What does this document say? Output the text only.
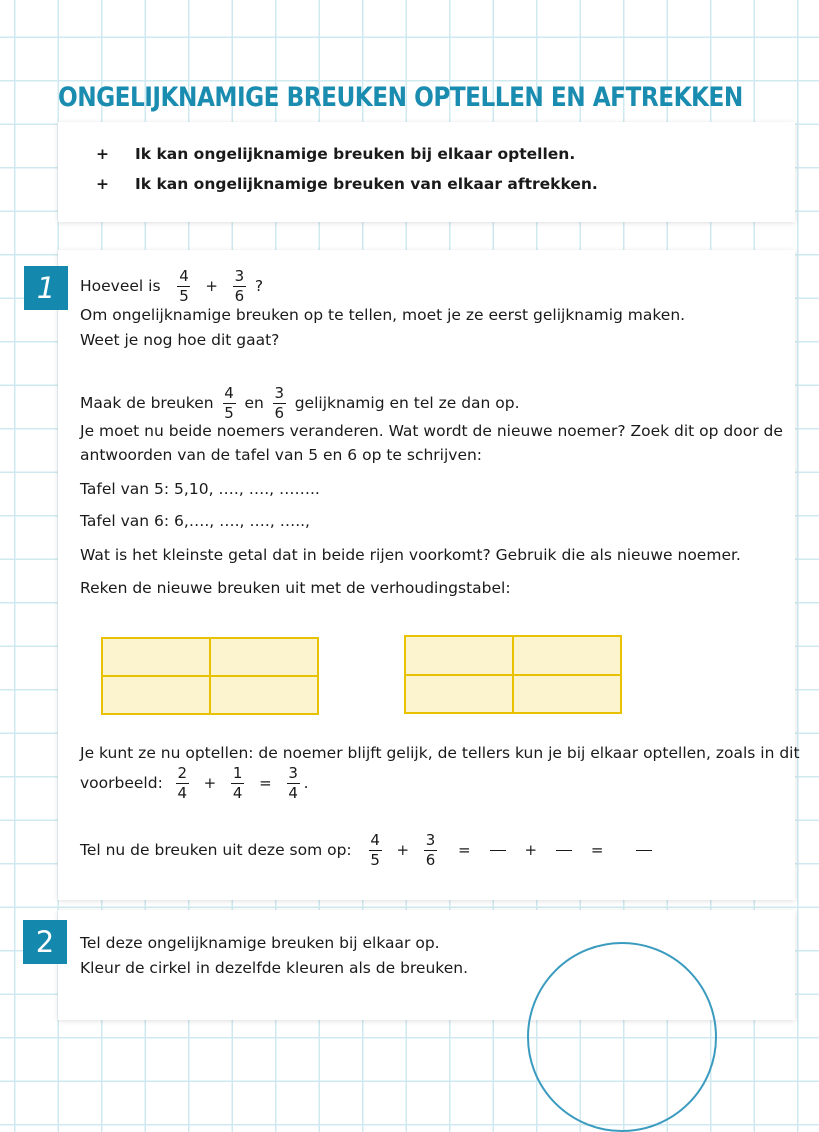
ONGELIJKNAMIGE BREUKEN OPTELLEN EN AFTREKKEN
+ Ik kan ongelijknamige breuken bij elkaar optellen.
+ Ik kan ongelijknamige breuken van elkaar aftrekken.
1	Hoeveel is $\frac{4}{5} + \frac{3}{6}$ ?
Om ongelijknamige breuken op te tellen, moet je ze eerst gelijknamig maken.
Weet je nog hoe dit gaat?
Maak de breuken $\frac{4}{5}$ en $\frac{3}{6}$ gelijknamig en tel ze dan op.
Je moet nu beide noemers veranderen. Wat wordt de nieuwe noemer? Zoek dit op door de
antwoorden van de tafel van 5 en 6 op te schrijven:
Tafel van 5: 5,10, …., …., ……..
Tafel van 6: 6,…., …., …., …..,
Wat is het kleinste getal dat in beide rijen voorkomt? Gebruik die als nieuwe noemer.
Reken de nieuwe breuken uit met de verhoudingstabel:
Je kunt ze nu optellen: de noemer blijft gelijk, de tellers kun je bij elkaar optellen, zoals in dit
voorbeeld: $\frac{2}{4} + \frac{1}{4} = \frac{3}{4}$ .
Tel nu de breuken uit deze som op: $\frac{4}{5} + \frac{3}{6}$ =	+	=
2	Tel deze ongelijknamige breuken bij elkaar op.
Kleur de cirkel in dezelfde kleuren als de breuken.
